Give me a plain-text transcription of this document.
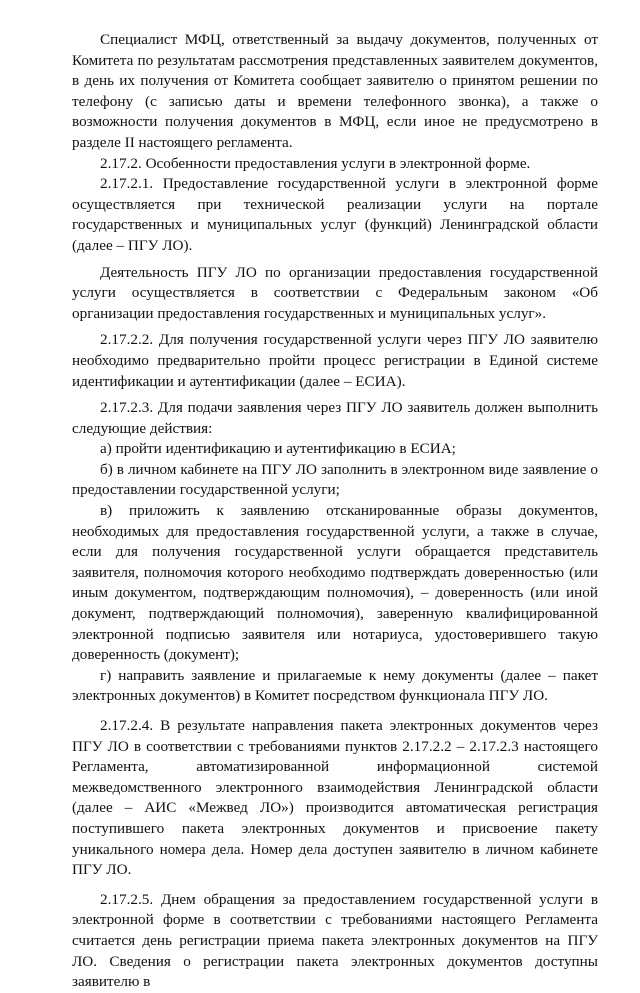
Специалист МФЦ, ответственный за выдачу документов, полученных от Комитета по результатам рассмотрения представленных заявителем документов, в день их получения от Комитета сообщает заявителю о принятом решении по телефону (с записью даты и времени телефонного звонка), а также о возможности получения документов в МФЦ, если иное не предусмотрено в разделе II настоящего регламента.

2.17.2. Особенности предоставления услуги в электронной форме.

2.17.2.1. Предоставление государственной услуги в электронной форме осуществляется при технической реализации услуги на портале государственных и муниципальных услуг (функций) Ленинградской области (далее – ПГУ ЛО).

Деятельность ПГУ ЛО по организации предоставления государственной услуги осуществляется в соответствии с Федеральным законом «Об организации предоставления государственных и муниципальных услуг».

2.17.2.2. Для получения государственной услуги через ПГУ ЛО заявителю необходимо предварительно пройти процесс регистрации в Единой системе идентификации и аутентификации (далее – ЕСИА).

2.17.2.3. Для подачи заявления через ПГУ ЛО заявитель должен выполнить следующие действия:

а) пройти идентификацию и аутентификацию в ЕСИА;

б) в личном кабинете на ПГУ ЛО заполнить в электронном виде заявление о предоставлении государственной услуги;

в) приложить к заявлению отсканированные образы документов, необходимых для предоставления государственной услуги, а также в случае, если для получения государственной услуги обращается представитель заявителя, полномочия которого необходимо подтверждать доверенностью (или иным документом, подтверждающим полномочия), – доверенность (или иной документ, подтверждающий полномочия), заверенную квалифицированной электронной подписью заявителя или нотариуса, удостоверившего такую доверенность (документ);

г) направить заявление и прилагаемые к нему документы (далее – пакет электронных документов) в Комитет посредством функционала ПГУ ЛО.

2.17.2.4. В результате направления пакета электронных документов через ПГУ ЛО в соответствии с требованиями пунктов 2.17.2.2 – 2.17.2.3 настоящего Регламента, автоматизированной информационной системой межведомственного электронного взаимодействия Ленинградской области (далее – АИС «Межвед ЛО») производится автоматическая регистрация поступившего пакета электронных документов и присвоение пакету уникального номера дела. Номер дела доступен заявителю в личном кабинете ПГУ ЛО.

2.17.2.5. Днем обращения за предоставлением государственной услуги в электронной форме в соответствии с требованиями настоящего Регламента считается день регистрации приема пакета электронных документов на ПГУ ЛО. Сведения о регистрации пакета электронных документов доступны заявителю в
